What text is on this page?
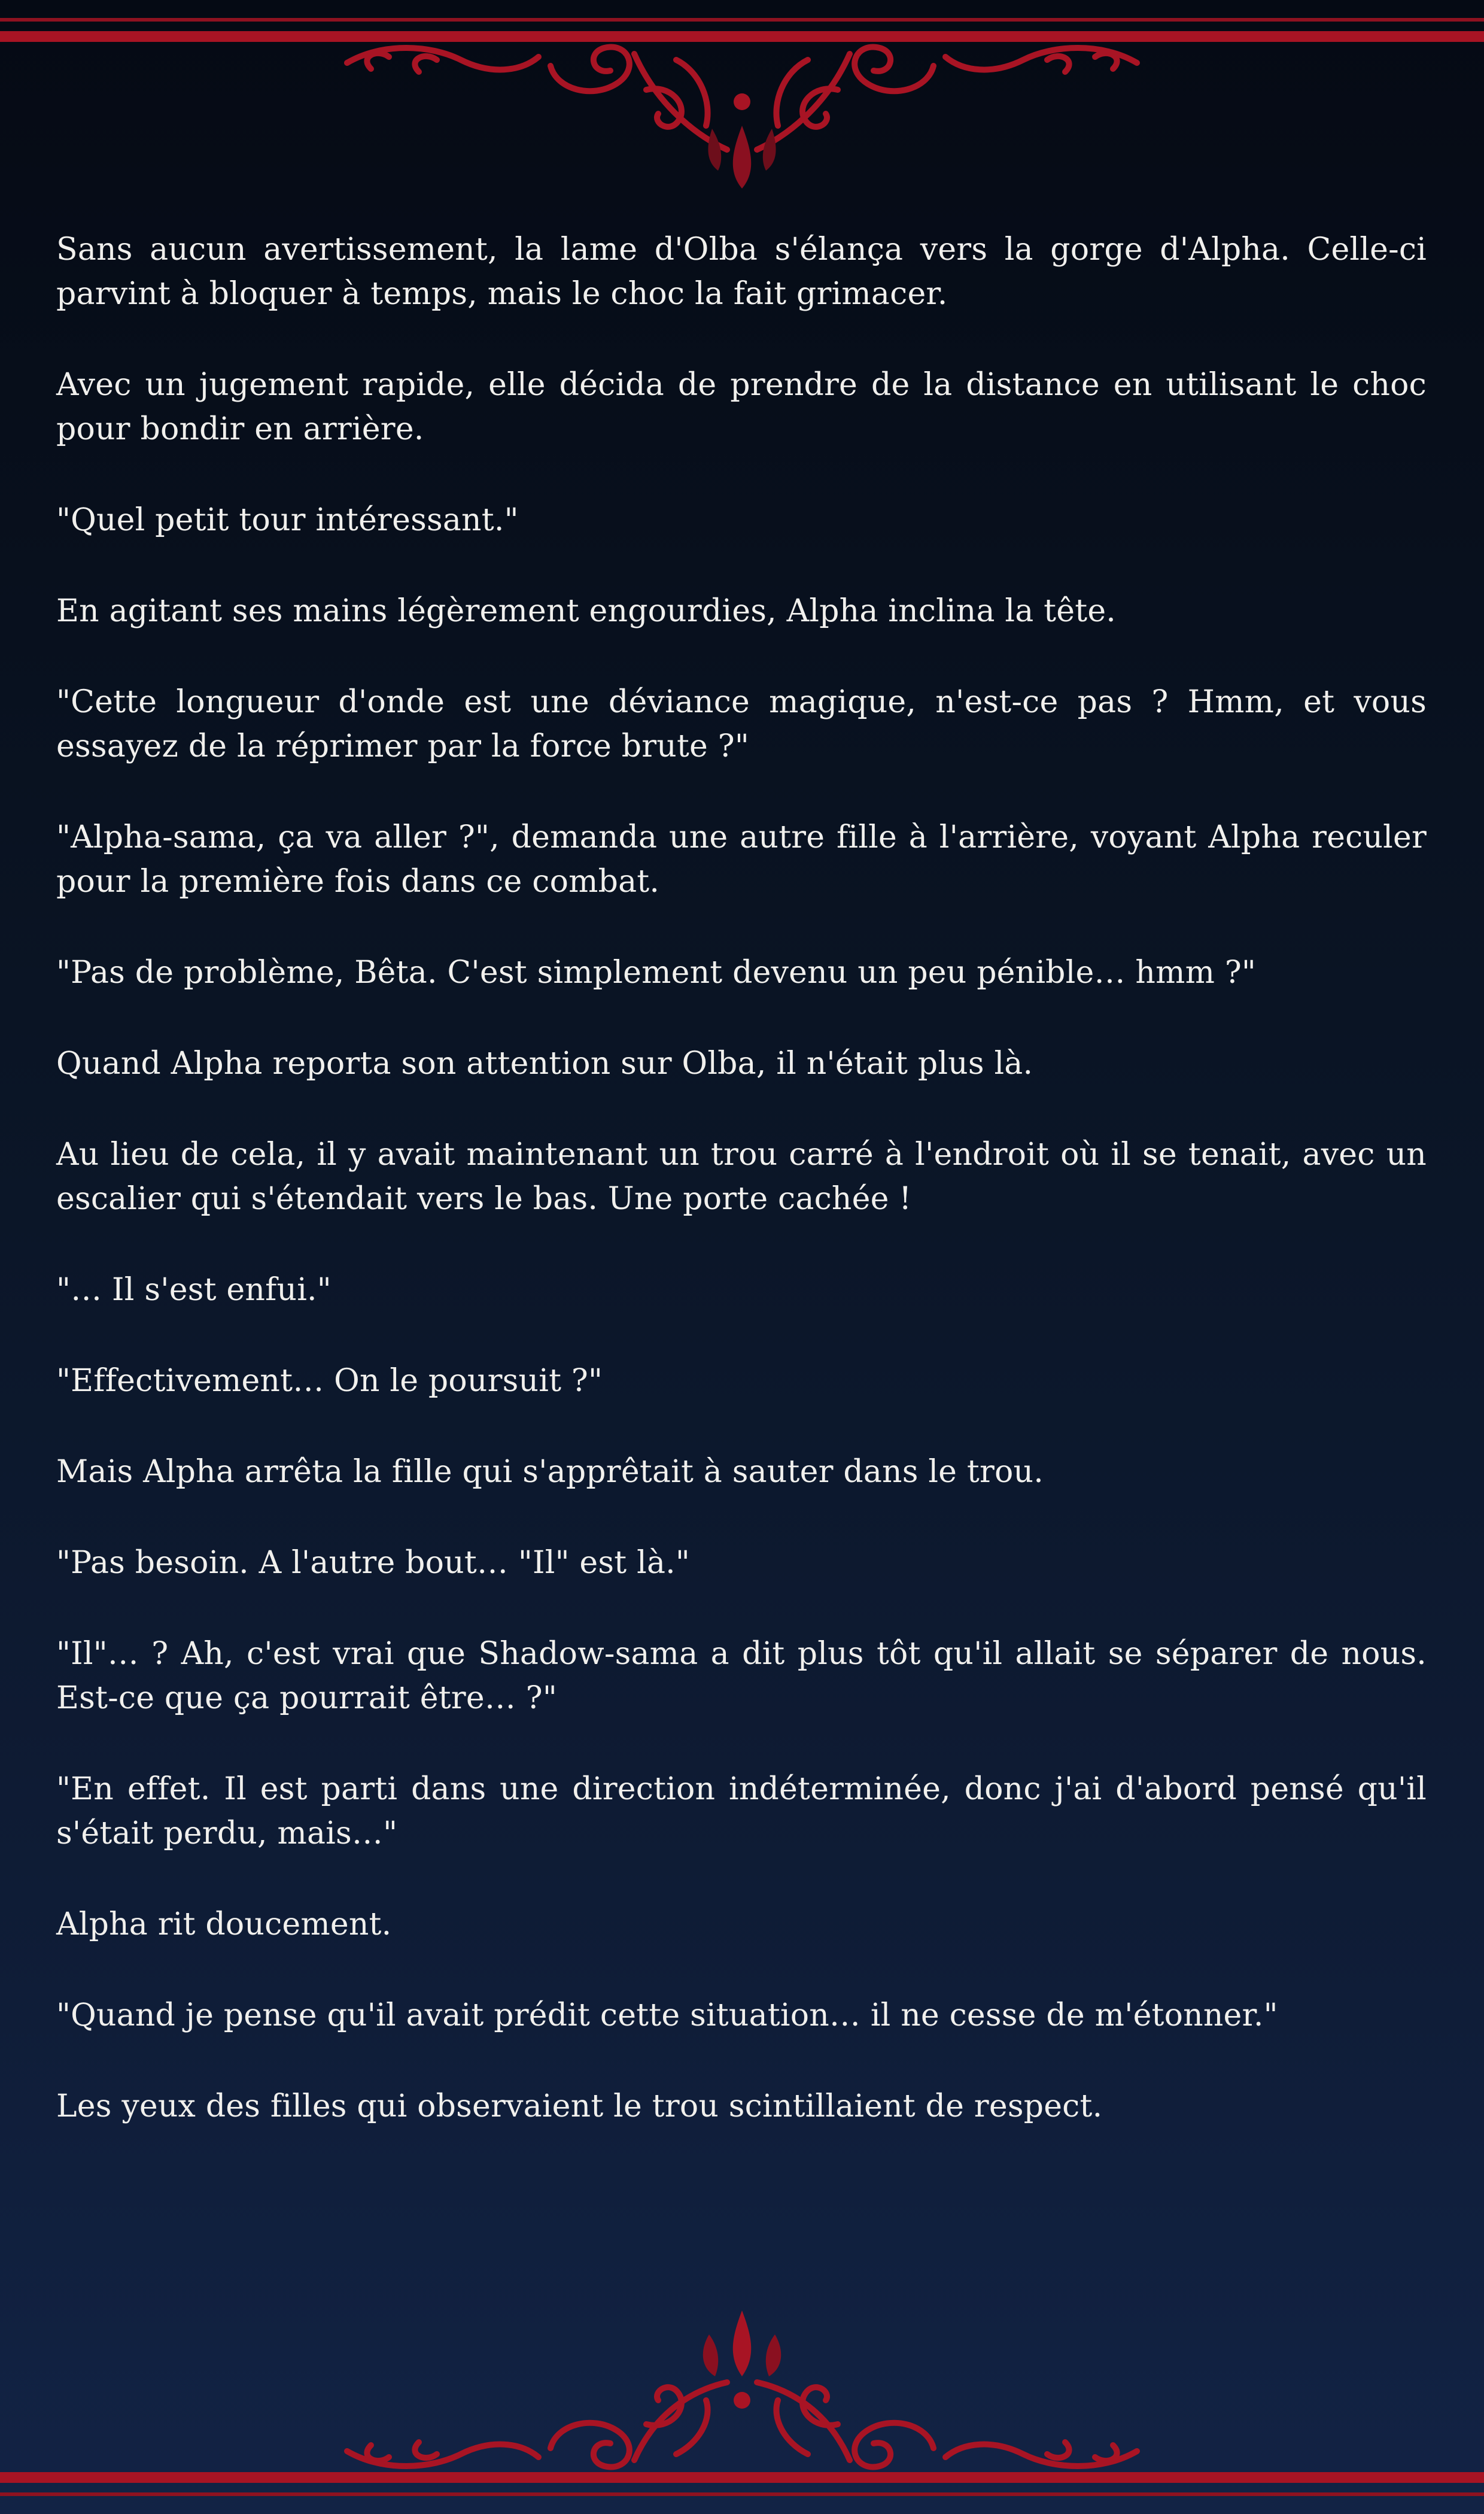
Sans aucun avertissement, la lame d'Olba s'élança vers la gorge d'Alpha. Celle-ci parvint à bloquer à temps, mais le choc la fait grimacer.

Avec un jugement rapide, elle décida de prendre de la distance en utilisant le choc pour bondir en arrière.

"Quel petit tour intéressant."

En agitant ses mains légèrement engourdies, Alpha inclina la tête.

"Cette longueur d'onde est une déviance magique, n'est-ce pas ? Hmm, et vous essayez de la réprimer par la force brute ?"

"Alpha-sama, ça va aller ?", demanda une autre fille à l'arrière, voyant Alpha reculer pour la première fois dans ce combat.

"Pas de problème, Bêta. C'est simplement devenu un peu pénible… hmm ?"

Quand Alpha reporta son attention sur Olba, il n'était plus là.

Au lieu de cela, il y avait maintenant un trou carré à l'endroit où il se tenait, avec un escalier qui s'étendait vers le bas. Une porte cachée !

"… Il s'est enfui."

"Effectivement… On le poursuit ?"

Mais Alpha arrêta la fille qui s'apprêtait à sauter dans le trou.

"Pas besoin. A l'autre bout… "Il" est là."

"Il"… ? Ah, c'est vrai que Shadow-sama a dit plus tôt qu'il allait se séparer de nous. Est-ce que ça pourrait être… ?"

"En effet. Il est parti dans une direction indéterminée, donc j'ai d'abord pensé qu'il s'était perdu, mais…"

Alpha rit doucement.

"Quand je pense qu'il avait prédit cette situation… il ne cesse de m'étonner."

Les yeux des filles qui observaient le trou scintillaient de respect.
